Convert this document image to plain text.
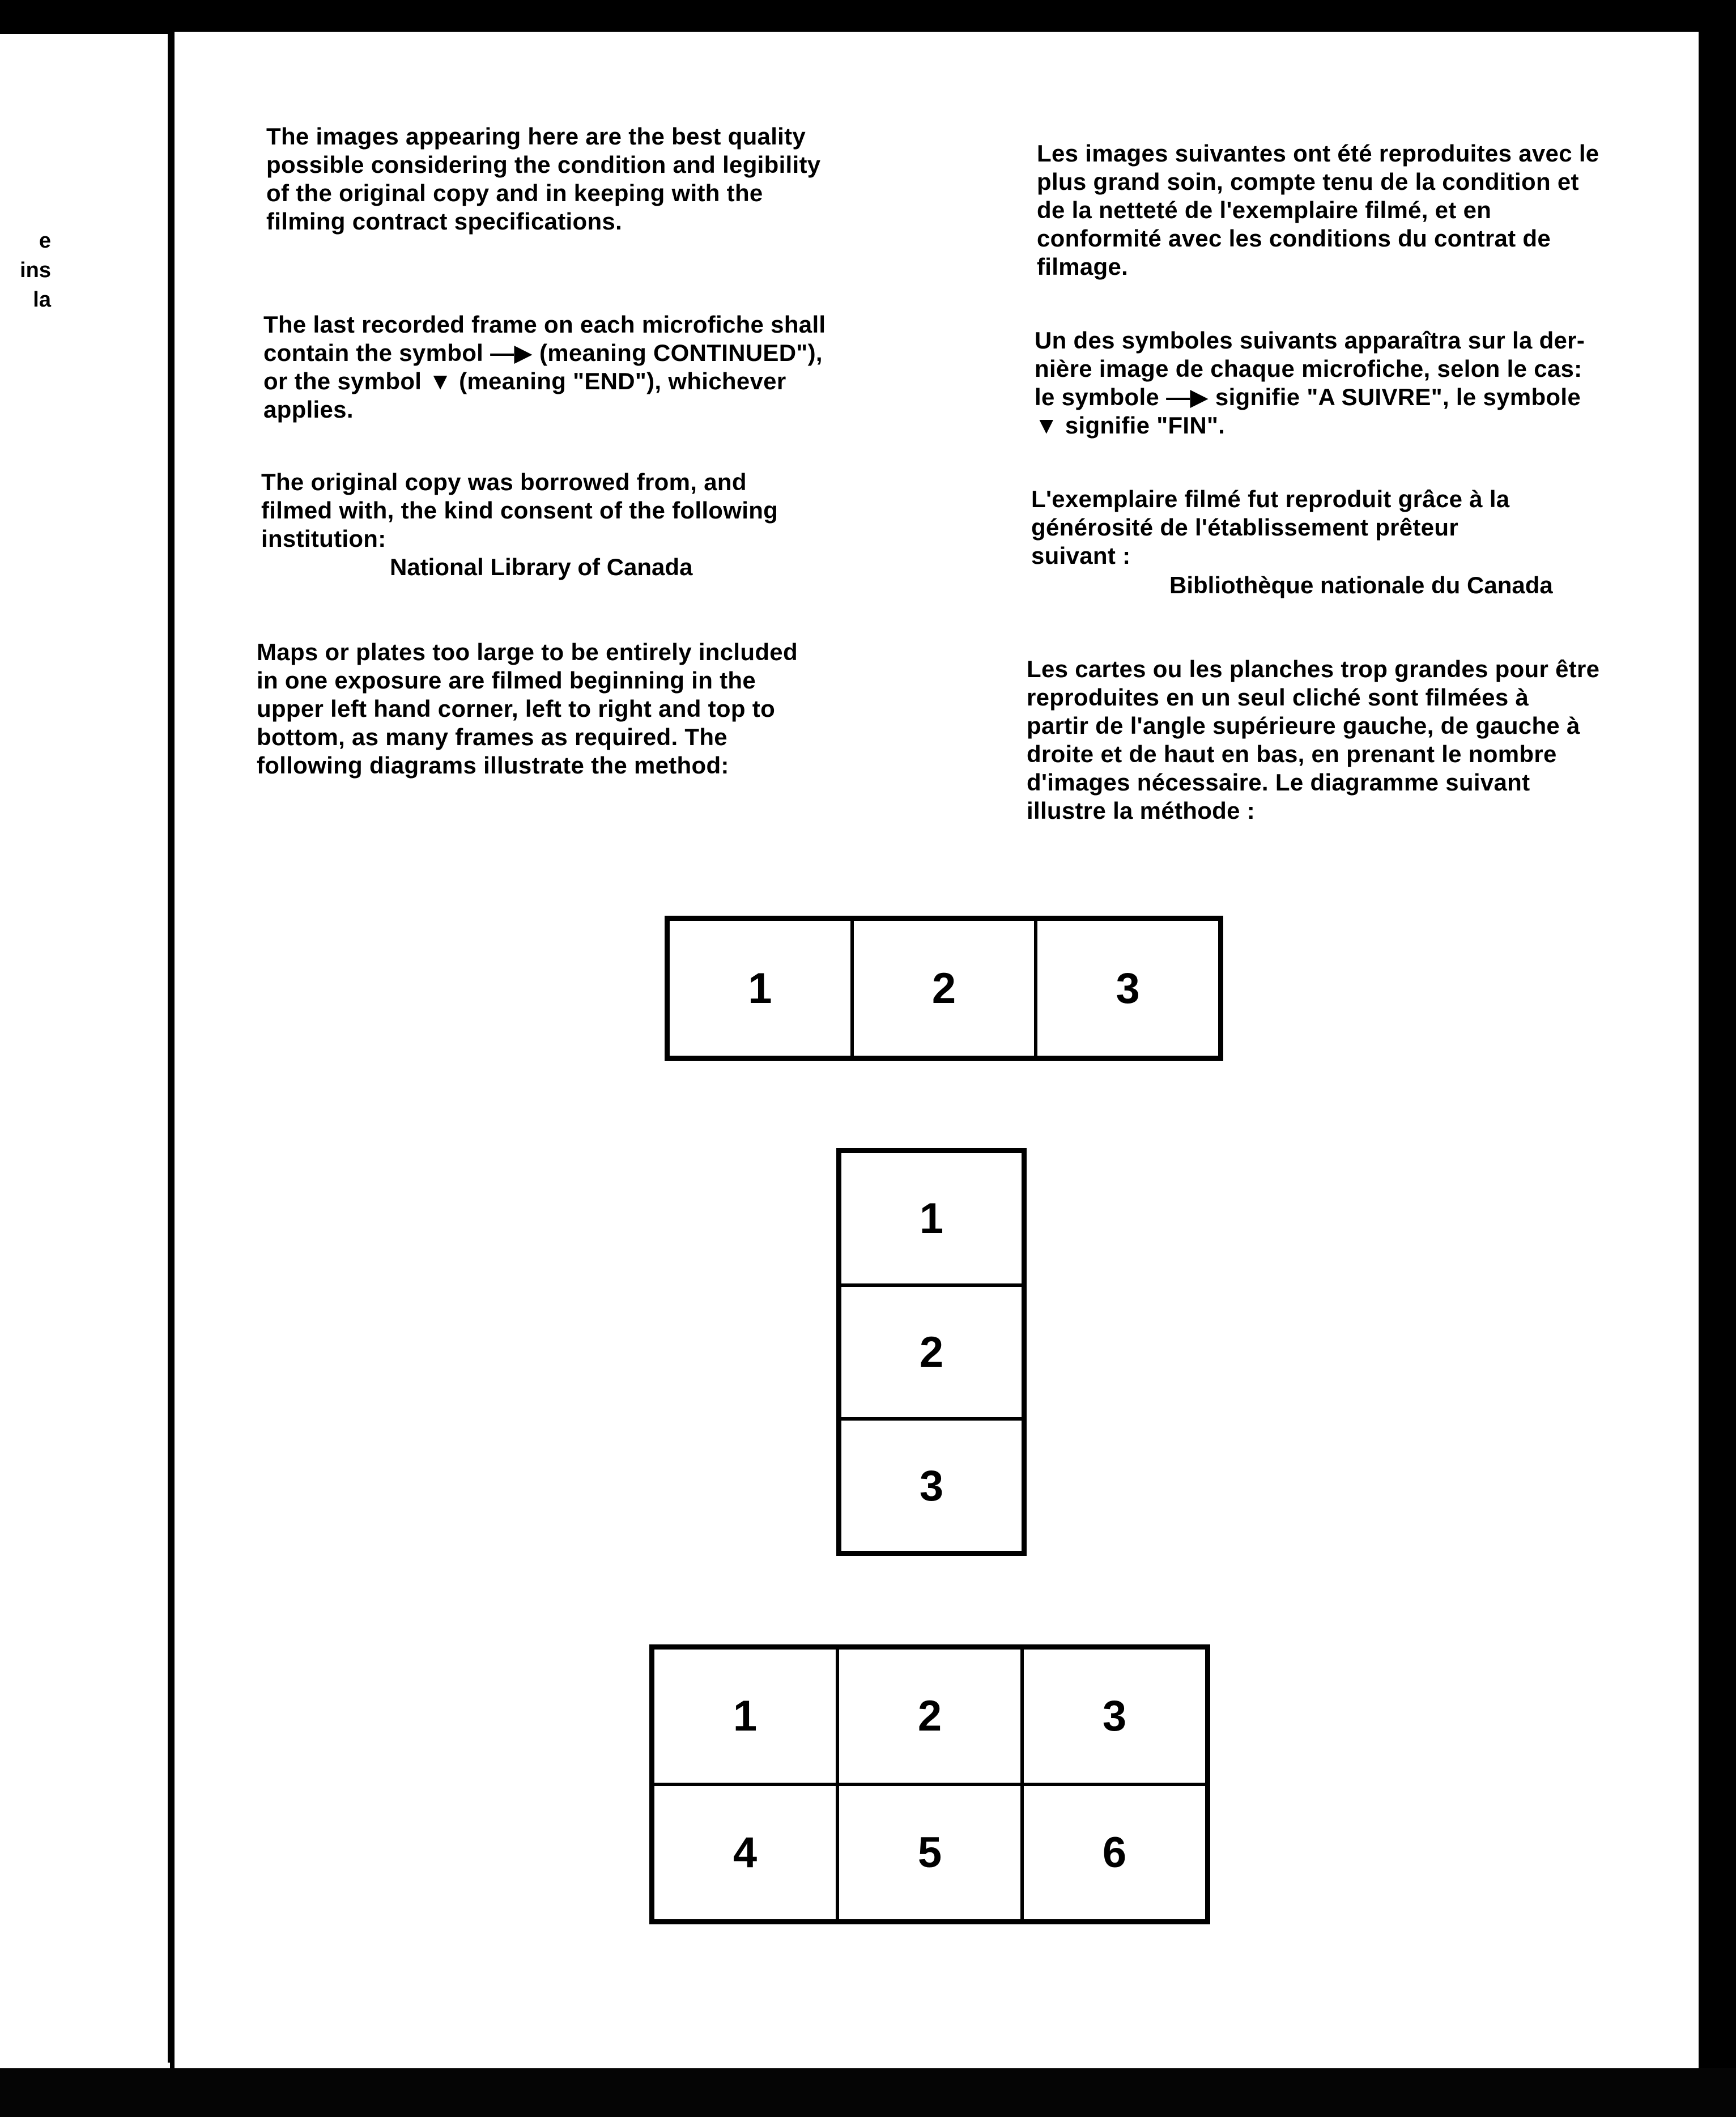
e
ins
la
The images appearing here are the best quality
possible considering the condition and legibility
of the original copy and in keeping with the
filming contract specifications.
The last recorded frame on each microfiche shall
contain the symbol —▶ (meaning CONTINUED"),
or the symbol ▼ (meaning "END"), whichever
applies.
The original copy was borrowed from, and
filmed with, the kind consent of the following
institution:
National Library of Canada
Maps or plates too large to be entirely included
in one exposure are filmed beginning in the
upper left hand corner, left to right and top to
bottom, as many frames as required. The
following diagrams illustrate the method:
Les images suivantes ont été reproduites avec le
plus grand soin, compte tenu de la condition et
de la netteté de l'exemplaire filmé, et en
conformité avec les conditions du contrat de
filmage.
Un des symboles suivants apparaîtra sur la der-
nière image de chaque microfiche, selon le cas:
le symbole —▶ signifie "A SUIVRE", le symbole
▼ signifie "FIN".
L'exemplaire filmé fut reproduit grâce à la
générosité de l'établissement prêteur
suivant :
Bibliothèque nationale du Canada
Les cartes ou les planches trop grandes pour être
reproduites en un seul cliché sont filmées à
partir de l'angle supérieure gauche, de gauche à
droite et de haut en bas, en prenant le nombre
d'images nécessaire. Le diagramme suivant
illustre la méthode :
1	2	3
1
2
3
1	2	3
4	5	6
